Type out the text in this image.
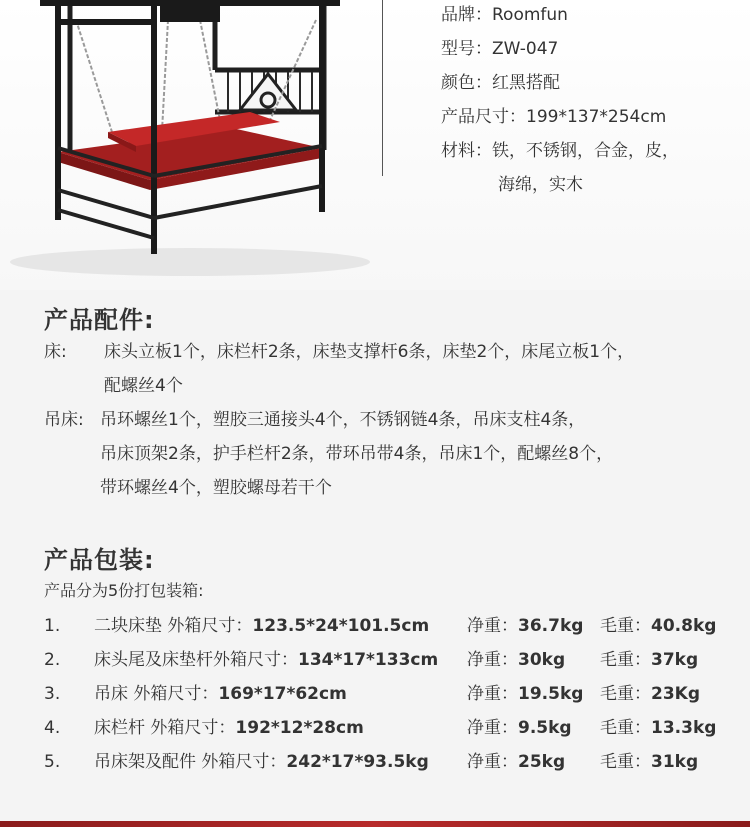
品牌：Roomfun
型号：ZW-047
颜色：红黑搭配
产品尺寸：199*137*254cm
材料：铁，不锈钢，合金，皮，
海绵，实木
产品配件:
床: 床头立板1个，床栏杆2条，床垫支撑杆6条，床垫2个，床尾立板1个，
配螺丝4个
吊床: 吊环螺丝1个，塑胶三通接头4个，不锈钢链4条，吊床支柱4条，
吊床顶架2条，护手栏杆2条，带环吊带4条，吊床1个，配螺丝8个，
带环螺丝4个，塑胶螺母若干个
产品包装:
产品分为5份打包装箱:
1. 二块床垫 外箱尺寸：123.5*24*101.5cm 净重：36.7kg 毛重：40.8kg
2. 床头尾及床垫杆外箱尺寸：134*17*133cm 净重：30kg 毛重：37kg
3. 吊床 外箱尺寸：169*17*62cm	净重：19.5kg 毛重：23Kg
4. 床栏杆 外箱尺寸：192*12*28cm	净重：9.5kg 毛重：13.3kg
5. 吊床架及配件 外箱尺寸：242*17*93.5kg 净重：25kg 毛重：31kg
